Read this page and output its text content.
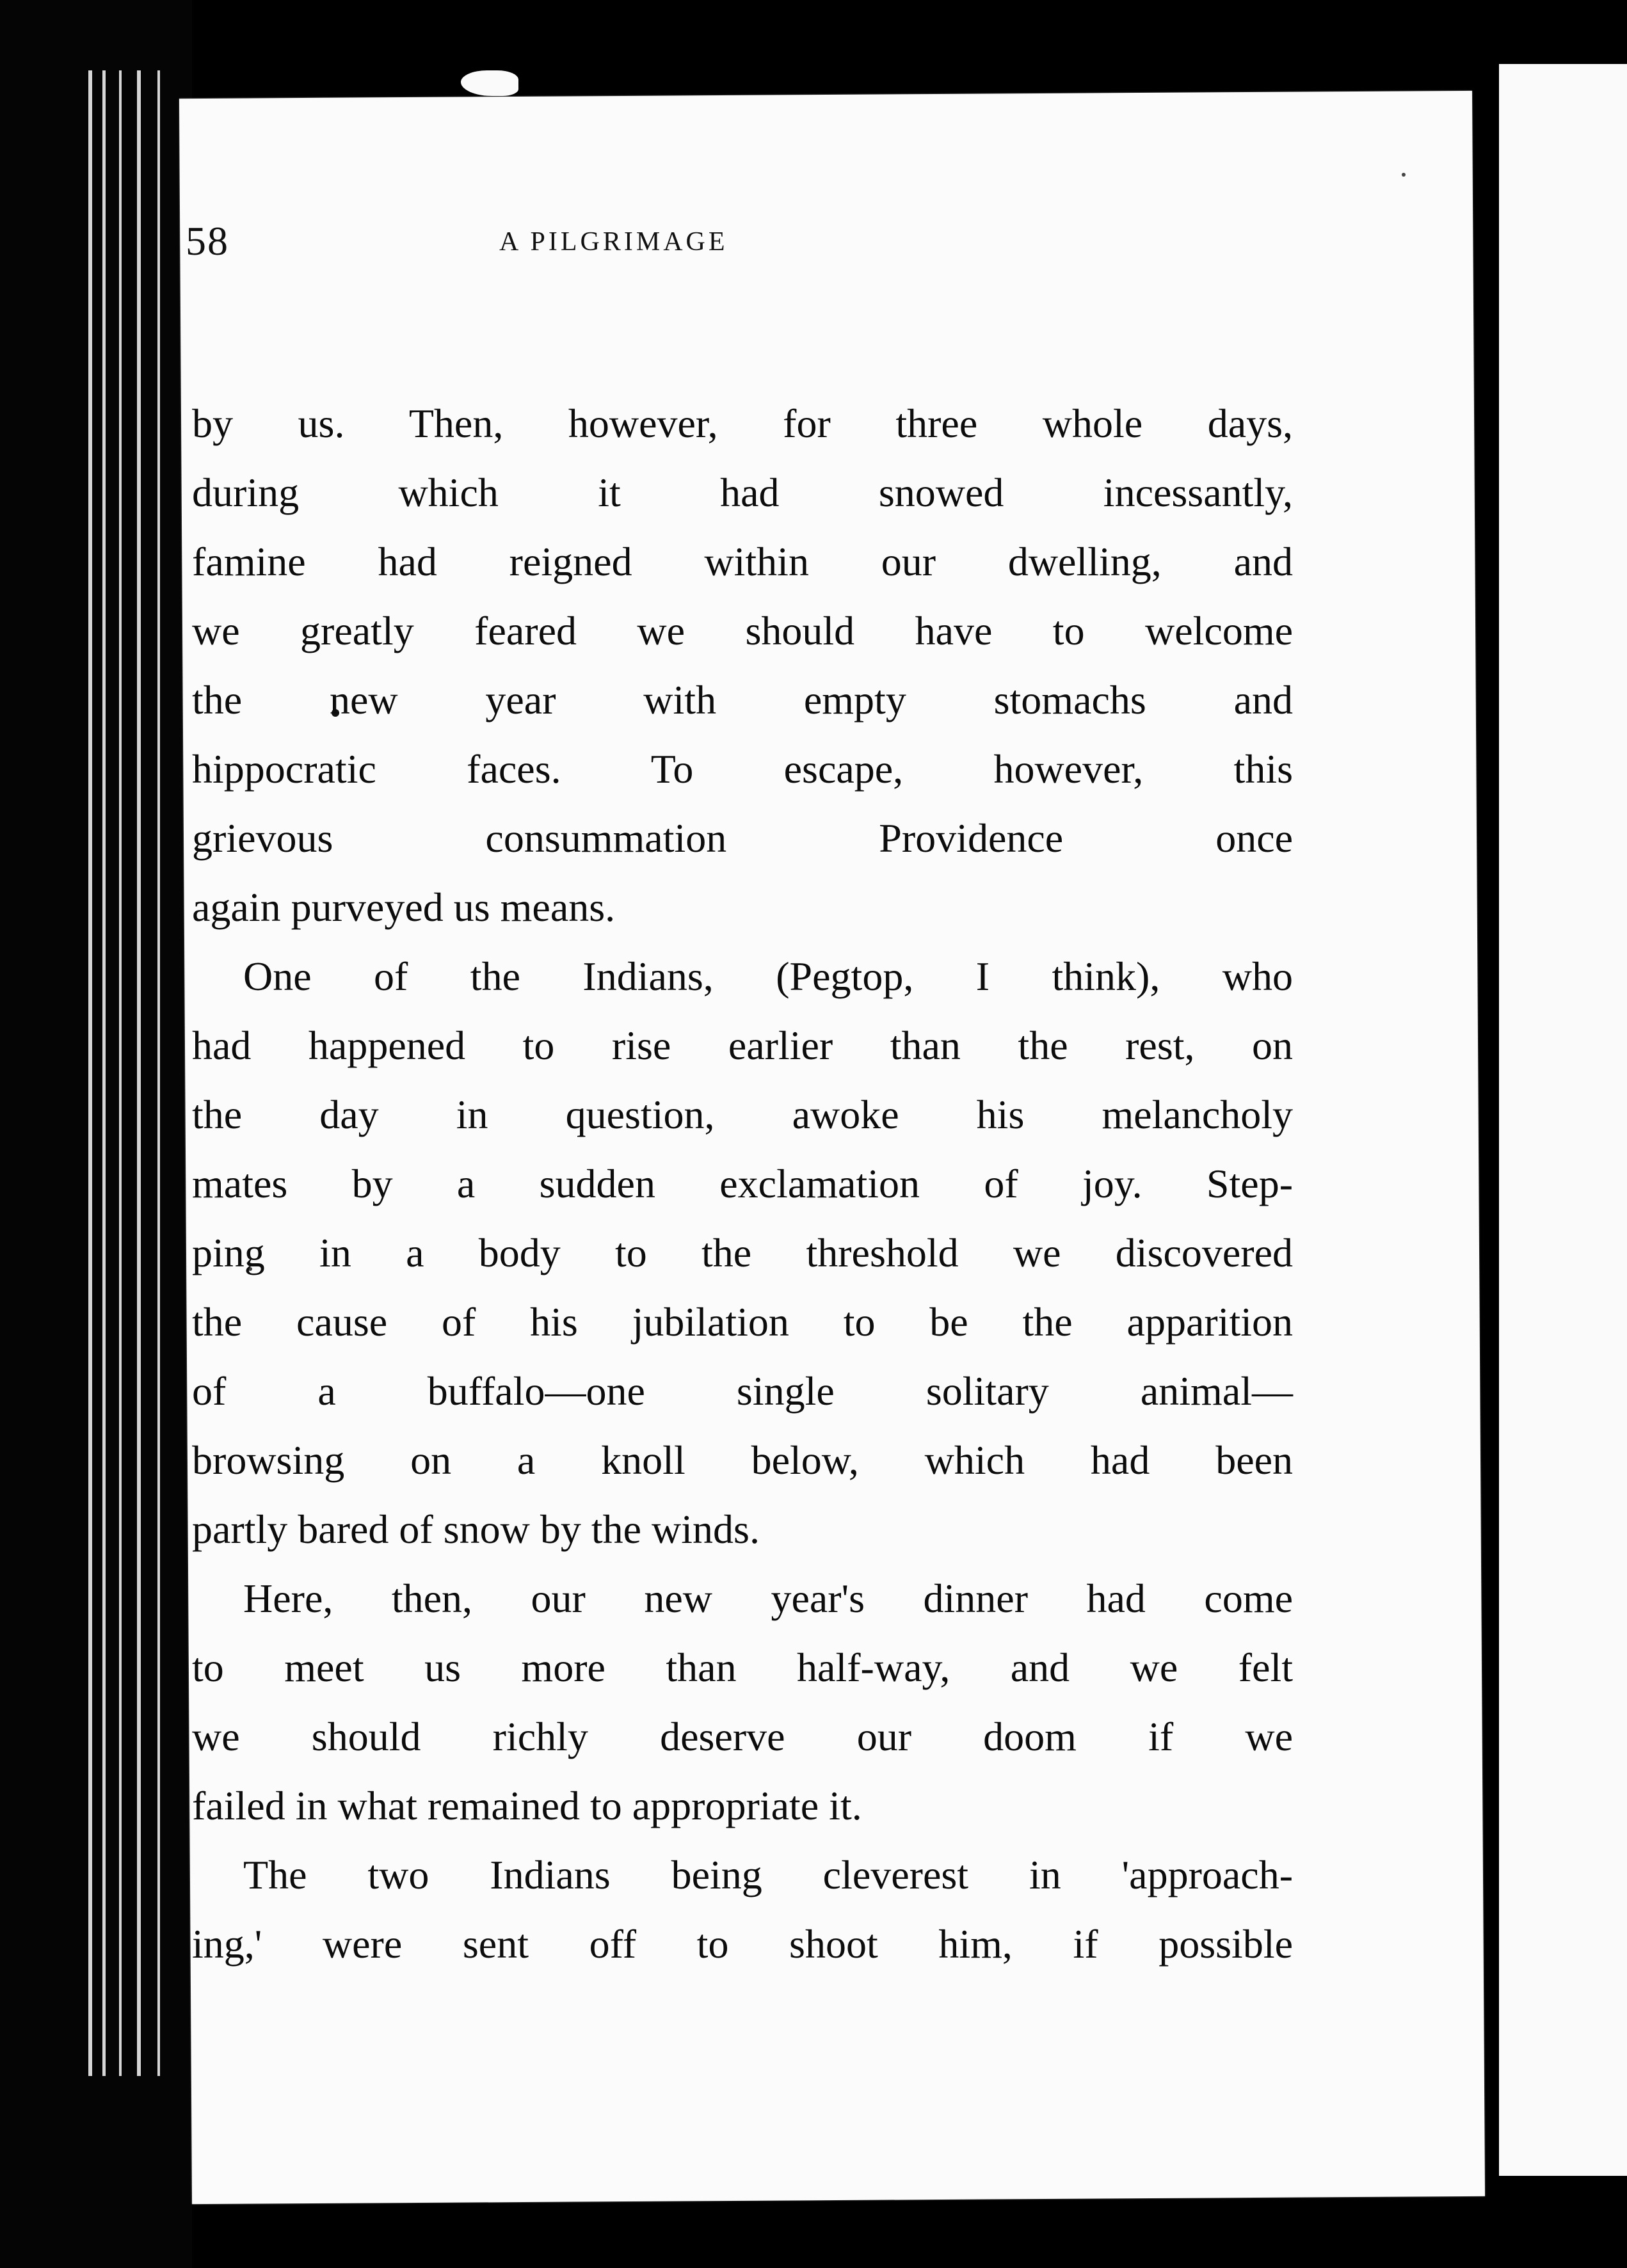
58	A PILGRIMAGE
by us. Then, however, for three whole days,
during which it had snowed incessantly,
famine had reigned within our dwelling, and
we greatly feared we should have to welcome
the new year with empty stomachs and
hippocratic faces. To escape, however, this
grievous consummation Providence once
again purveyed us means.
One of the Indians, (Pegtop, I think), who
had happened to rise earlier than the rest, on
the day in question, awoke his melancholy
mates by a sudden exclamation of joy. Step-
ping in a body to the threshold we discovered
the cause of his jubilation to be the apparition
of a buffalo—one single solitary animal—
browsing on a knoll below, which had been
partly bared of snow by the winds.
Here, then, our new year's dinner had come
to meet us more than half-way, and we felt
we should richly deserve our doom if we
failed in what remained to appropriate it.
The two Indians being cleverest in 'approach-
ing,' were sent off to shoot him, if possible
